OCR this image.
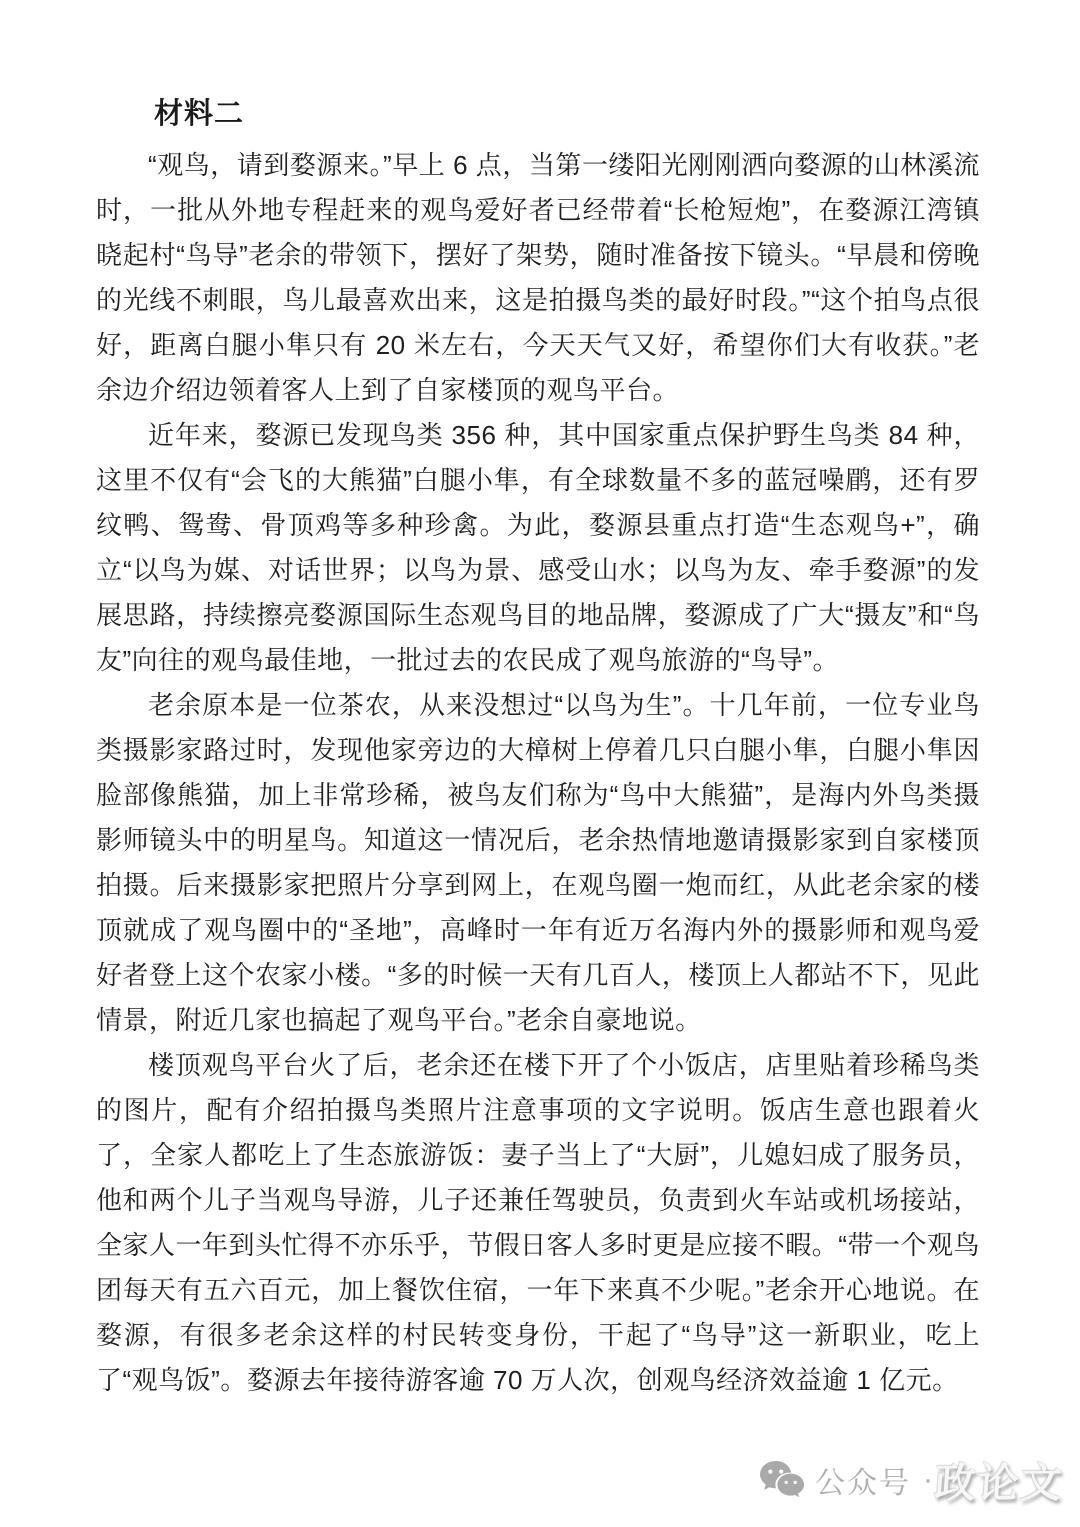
材料二

“观鸟，请到婺源来。”早上 6 点，当第一缕阳光刚刚洒向婺源的山林溪流时，一批从外地专程赶来的观鸟爱好者已经带着“长枪短炮”，在婺源江湾镇晓起村“鸟导”老余的带领下，摆好了架势，随时准备按下镜头。“早晨和傍晚的光线不刺眼，鸟儿最喜欢出来，这是拍摄鸟类的最好时段。”“这个拍鸟点很好，距离白腿小隼只有 20 米左右，今天天气又好，希望你们大有收获。”老余边介绍边领着客人上到了自家楼顶的观鸟平台。

近年来，婺源已发现鸟类 356 种，其中国家重点保护野生鸟类 84 种，这里不仅有“会飞的大熊猫”白腿小隼，有全球数量不多的蓝冠噪鹛，还有罗纹鸭、鸳鸯、骨顶鸡等多种珍禽。为此，婺源县重点打造“生态观鸟+”，确立“以鸟为媒、对话世界；以鸟为景、感受山水；以鸟为友、牵手婺源”的发展思路，持续擦亮婺源国际生态观鸟目的地品牌，婺源成了广大“摄友”和“鸟友”向往的观鸟最佳地，一批过去的农民成了观鸟旅游的“鸟导”。

老余原本是一位茶农，从来没想过“以鸟为生”。十几年前，一位专业鸟类摄影家路过时，发现他家旁边的大樟树上停着几只白腿小隼，白腿小隼因脸部像熊猫，加上非常珍稀，被鸟友们称为“鸟中大熊猫”，是海内外鸟类摄影师镜头中的明星鸟。知道这一情况后，老余热情地邀请摄影家到自家楼顶拍摄。后来摄影家把照片分享到网上，在观鸟圈一炮而红，从此老余家的楼顶就成了观鸟圈中的“圣地”，高峰时一年有近万名海内外的摄影师和观鸟爱好者登上这个农家小楼。“多的时候一天有几百人，楼顶上人都站不下，见此情景，附近几家也搞起了观鸟平台。”老余自豪地说。

楼顶观鸟平台火了后，老余还在楼下开了个小饭店，店里贴着珍稀鸟类的图片，配有介绍拍摄鸟类照片注意事项的文字说明。饭店生意也跟着火了，全家人都吃上了生态旅游饭：妻子当上了“大厨”，儿媳妇成了服务员，他和两个儿子当观鸟导游，儿子还兼任驾驶员，负责到火车站或机场接站，全家人一年到头忙得不亦乐乎，节假日客人多时更是应接不暇。“带一个观鸟团每天有五六百元，加上餐饮住宿，一年下来真不少呢。”老余开心地说。在婺源，有很多老余这样的村民转变身份，干起了“鸟导”这一新职业，吃上了“观鸟饭”。婺源去年接待游客逾 70 万人次，创观鸟经济效益逾 1 亿元。

公众号 · 政论文
